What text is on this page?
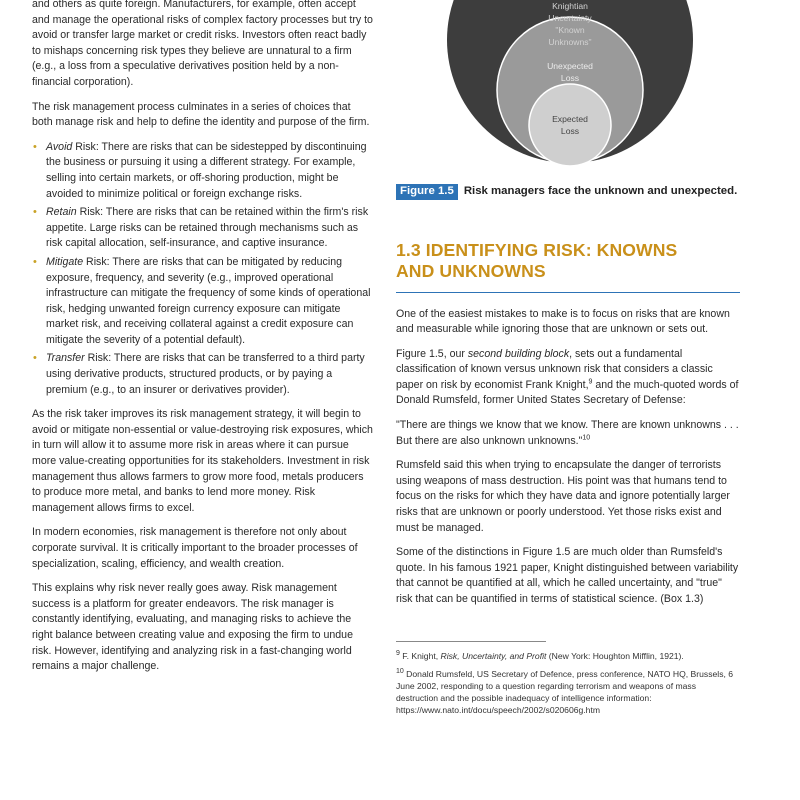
and others as quite foreign. Manufacturers, for example, often accept and manage the operational risks of complex factory processes but try to avoid or transfer large market or credit risks. Investors often react badly to mishaps concerning risk types they believe are unnatural to a firm (e.g., a loss from a speculative derivatives position held by a non-financial corporation).

The risk management process culminates in a series of choices that both manage risk and help to define the identity and purpose of the firm.

• Avoid Risk: There are risks that can be sidestepped by discontinuing the business or pursuing it using a different strategy. For example, selling into certain markets, or off-shoring production, might be avoided to minimize political or foreign exchange risks.
• Retain Risk: There are risks that can be retained within the firm's risk appetite. Large risks can be retained through mechanisms such as risk capital allocation, self-insurance, and captive insurance.
• Mitigate Risk: There are risks that can be mitigated by reducing exposure, frequency, and severity (e.g., improved operational infrastructure can mitigate the frequency of some kinds of operational risk, hedging unwanted foreign currency exposure can mitigate market risk, and receiving collateral against a credit exposure can mitigate the severity of a potential default).
• Transfer Risk: There are risks that can be transferred to a third party using derivative products, structured products, or by paying a premium (e.g., to an insurer or derivatives provider).

As the risk taker improves its risk management strategy, it will begin to avoid or mitigate non-essential or value-destroying risk exposures, which in turn will allow it to assume more risk in areas where it can pursue more value-creating opportunities for its stakeholders. Investment in risk management thus allows farmers to grow more food, metals producers to produce more metal, and banks to lend more money. Risk management allows firms to excel.

In modern economies, risk management is therefore not only about corporate survival. It is critically important to the broader processes of specialization, scaling, efficiency, and wealth creation.

This explains why risk never really goes away. Risk management success is a platform for greater endeavors. The risk manager is constantly identifying, evaluating, and managing risks to achieve the right balance between creating value and exposing the firm to undue risk. However, identifying and analyzing risk in a fast-changing world remains a major challenge.

Knightian
Uncertainty
"Known
Unknowns"
Unexpected
Loss
Expected
Loss
Figure 1.5 Risk managers face the unknown and unexpected.
1.3 IDENTIFYING RISK: KNOWNS
AND UNKNOWNS

One of the easiest mistakes to make is to focus on risks that are known and measurable while ignoring those that are unknown or sets out.

Figure 1.5, our second building block, sets out a fundamental classification of known versus unknown risk that considers a classic paper on risk by economist Frank Knight,$^9$ and the much-quoted words of Donald Rumsfeld, former United States Secretary of Defense:

"There are things we know that we know. There are known unknowns . . . But there are also unknown unknowns."$^{10}$

Rumsfeld said this when trying to encapsulate the danger of terrorists using weapons of mass destruction. His point was that humans tend to focus on the risks for which they have data and ignore potentially larger risks that are unknown or poorly understood. Yet those risks exist and must be managed.

Some of the distinctions in Figure 1.5 are much older than Rumsfeld's quote. In his famous 1921 paper, Knight distinguished between variability that cannot be quantified at all, which he called uncertainty, and "true" risk that can be quantified in terms of statistical science. (Box 1.3)

$^9$ F. Knight, Risk, Uncertainty, and Profit (New York: Houghton Mifflin, 1921).

$^{10}$ Donald Rumsfeld, US Secretary of Defence, press conference, NATO HQ, Brussels, 6 June 2002, responding to a question regarding terrorism and weapons of mass destruction and the possible inadequacy of intelligence information: https://www.nato.int/docu/speech/2002/s020606g.htm
